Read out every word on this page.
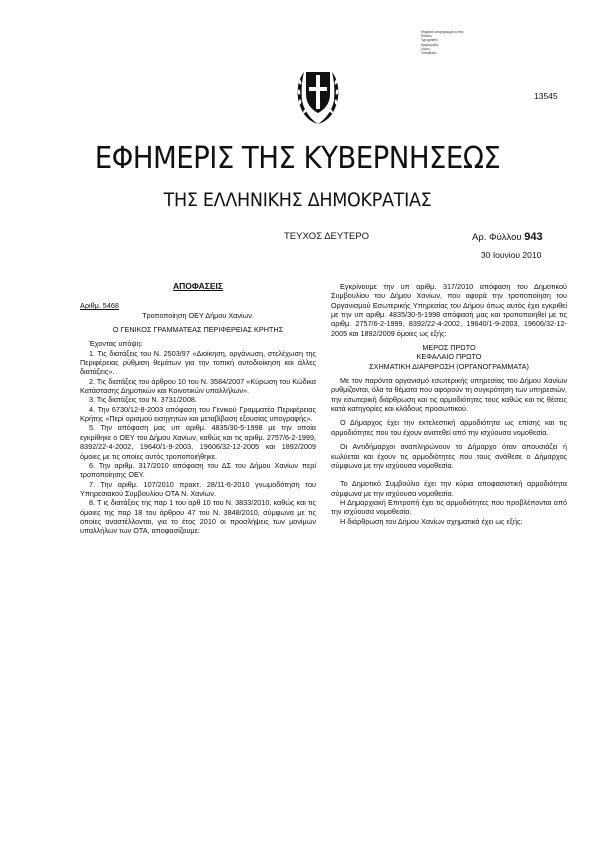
Ψηφιακά υπογεγραμμένο από
Ethniko
Typografeio
Ημερομηνία:
Λόγος:
Τοποθεσία:
13545
ΕΦΗΜΕΡΙΣ ΤΗΣ ΚΥΒΕΡΝΗΣΕΩΣ
ΤΗΣ ΕΛΛΗΝΙΚΗΣ ΔΗΜΟΚΡΑΤΙΑΣ
ΤΕΥΧΟΣ ΔΕΥΤΕΡΟ	Αρ. Φύλλου 943
30 Ιουνίου 2010

ΑΠΟΦΑΣΕΙΣ

Αριθμ. 5468

Τροποποίηση ΟΕΥ Δήμου Χανίων.

Ο ΓΕΝΙΚΟΣ ΓΡΑΜΜΑΤΕΑΣ ΠΕΡΙΦΕΡΕΙΑΣ ΚΡΗΤΗΣ

Έχοντας υπόψη:

1. Τις διατάξεις του Ν. 2503/97 «Διοίκηση, οργάνωση, στελέχωση της Περιφέρειας ρύθμιση θεμάτων για την τοπική αυτοδιοίκηση και άλλες διατάξεις».

2. Τις διατάξεις του άρθρου 10 του Ν. 3584/2007 «Κύρωση του Κώδικα Κατάστασης Δημοτικών και Κοινοτικών υπαλλήλων».

3. Τις διατάξεις του Ν. 3731/2008.

4. Την 6730/12-8-2003 απόφαση του Γενικού Γραμματέα Περιφέρειας Κρήτης «Περί ορισμού εισηγητών και μεταβίβαση εξουσίας υπογραφής».

5. Την απόφαση μας υπ αριθμ. 4835/30-5-1998 με την οποία εγκρίθηκε ο ΟΕΥ του Δήμου Χανίων, καθώς και τις αριθμ. 2757/6-2-1999, 8392/22-4-2002, 19640/1-9-2003, 19606/32-12-2005 και 1892/2009 όμοιες με τις οποίες αυτός τροποποιήθηκε.

6. Την αριθμ. 317/2010 απόφαση του ΔΣ του Δήμου Χανίων περί τροποποίησης ΟΕΥ.

7. Την αριθμ. 107/2010 πρακτ. 28/11-6-2010 γνωμοδότηση του Υπηρεσιακού Συμβουλίου ΟΤΑ Ν. Χανίων.

8. Τ ις διατάξεις της παρ 1 του αρθ 10 του Ν. 3833/2010, καθώς και τις όμοιες της παρ 18 του άρθρου 47 του Ν. 3848/2010, σύμφωνα με τις οποίες αναστέλλονται, για το έτος 2010 οι προσλήψεις των μονίμων υπαλλήλων των ΟΤΑ, αποφασίζουμε:

Εγκρίνουμε την υπ αριθμ. 317/2010 απόφαση του Δημοτικού Συμβουλίου του Δήμου Χανίων, που αφορά την τροποποίηση του Οργανισμού Εσωτερικής Υπηρεσίας του Δήμου όπως αυτός έχει εγκριθεί με την υπ αριθμ. 4835/30-5-1998 απόφασή μας και τροποποιηθεί με τις αριθμ. 2757/6-2-1999, 8392/22-4-2002, 19640/1-9-2003, 19606/32-12-2005 και 1892/2009 όμοιες ως εξής:

ΜΕΡΟΣ ΠΡΩΤΟ

ΚΕΦΑΛΑΙΟ ΠΡΩΤΟ

ΣΧΗΜΑΤΙΚΗ ΔΙΑΡΘΡΩΣΗ (ΟΡΓΑΝΟΓΡΑΜΜΑΤΑ)

Με τον παρόντα οργανισμό εσωτερικής υπηρεσίας του Δήμου Χανίων ρυθμίζονται, όλα τα θέματα που αφορούν τη συγκρότηση των υπηρεσιών, την εσωτερική διάρθρωση και τις αρμοδιότητες τους καθώς και τις θέσεις κατά κατηγορίες και κλάδους προσωπικού.

Ο Δήμαρχος έχει την εκτελεστική αρμοδιότητα ως επίσης και τις αρμοδιότητες που του έχουν ανατεθεί από την ισχύουσα νομοθεσία.

Οι Αντιδήμαρχοι αναπληρώνουν το Δήμαρχο όταν απουσιάζει ή κωλύεται και έχουν τις αρμοδιότητες που τους ανάθεσε ο Δήμαρχος σύμφωνα με την ισχύουσα νομοθεσία.

Το Δημοτικό Συμβούλιο έχει την κύρια αποφασιστική αρμοδιότητα σύμφωνα με την ισχύουσα νομοθεσία.

Η Δημαρχιακή Επιτροπή έχει τις αρμοδιότητες που προβλέπονται από την ισχύουσα νομοθεσία.

Η διάρθρωση του Δήμου Χανίων σχηματικά έχει ως εξής:
